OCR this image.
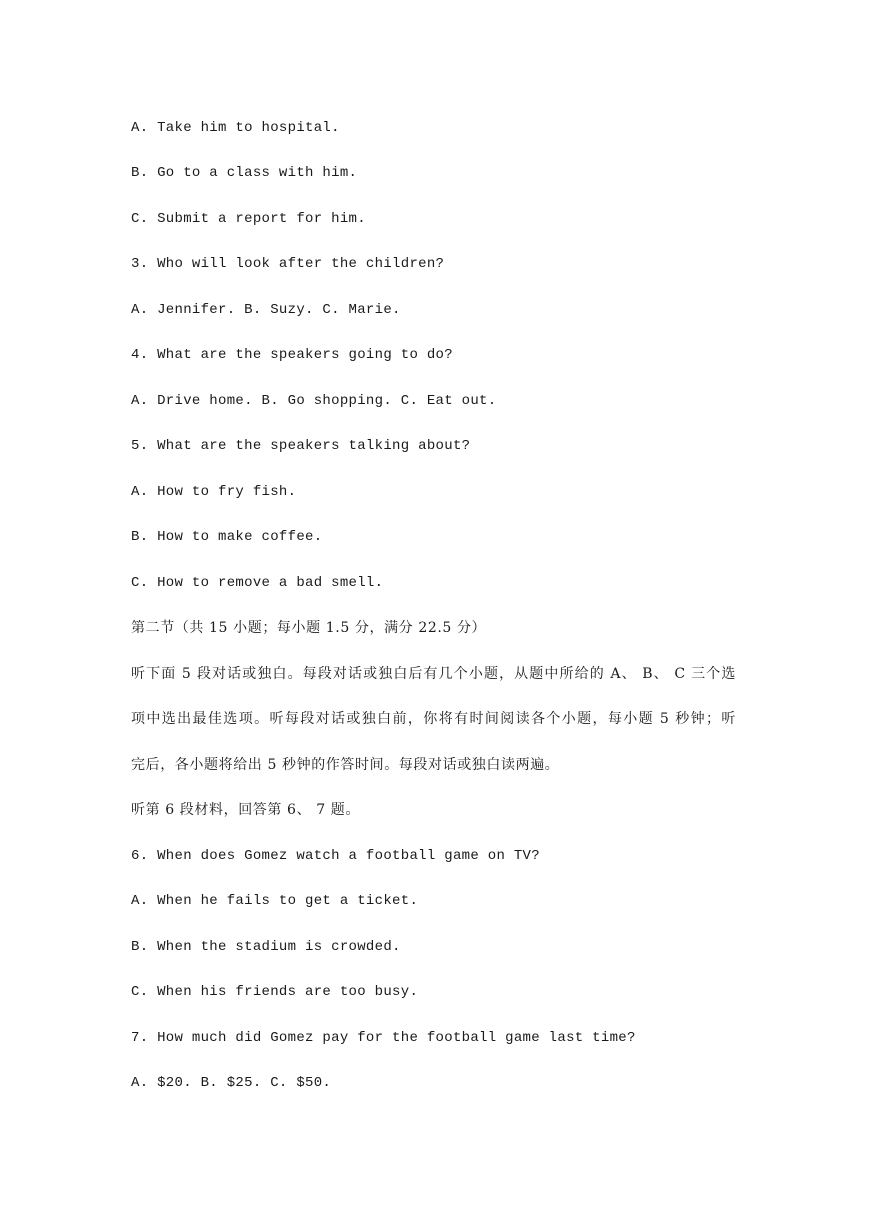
A. Take him to hospital.

B. Go to a class with him.

C. Submit a report for him.

3. Who will look after the children?

A. Jennifer. B. Suzy. C. Marie.

4. What are the speakers going to do?

A. Drive home. B. Go shopping. C. Eat out.

5. What are the speakers talking about?

A. How to fry fish.

B. How to make coffee.

C. How to remove a bad smell.

第二节（共 15 小题；每小题 1.5 分，满分 22.5 分）

听下面 5 段对话或独白。每段对话或独白后有几个小题，从题中所给的 A、 B、 C 三个选

项中选出最佳选项。听每段对话或独白前，你将有时间阅读各个小题，每小题 5 秒钟；听

完后，各小题将给出 5 秒钟的作答时间。每段对话或独白读两遍。

听第 6 段材料，回答第 6、 7 题。

6. When does Gomez watch a football game on TV?

A. When he fails to get a ticket.

B. When the stadium is crowded.

C. When his friends are too busy.

7. How much did Gomez pay for the football game last time?

A. $20. B. $25. C. $50.
